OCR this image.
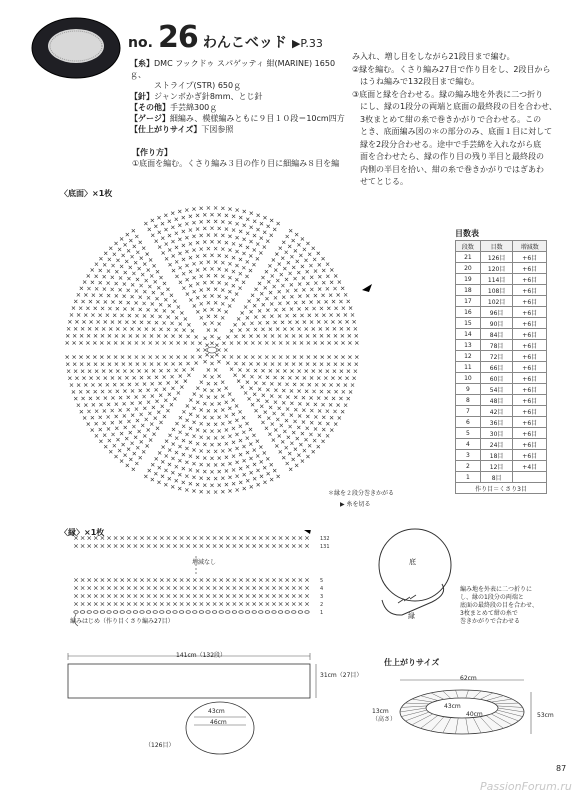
no. 26 わんこベッド ▶P.33
【糸】DMC フックドゥ スパゲッティ 紺(MARINE) 1650ｇ、
ストライプ(STR) 650ｇ
【針】ジャンボかぎ針8mm、とじ針
【その他】手芸綿300ｇ
【ゲージ】細編み、模様編みともに９目１０段＝10cm四方
【仕上がりサイズ】下図参照
【作り方】
①底面を編む。くさり編み３目の作り目に細編み８目を編
み入れ、増し目をしながら21段目まで編む。
②縁を編む。くさり編み27目で作り目をし、2段目から
はうね編みで132段目まで編む。
③底面と縁を合わせる。縁の編み地を外表に二つ折り
にし、縁の1段分の両端と底面の最終段の目を合わせ、
3枚まとめて紺の糸で巻きかがりで合わせる。この
とき、底面編み図の＊の部分のみ、底面１目に対して
縁を2段分合わせる。途中で手芸綿を入れながら底
面を合わせたら、縁の作り目の残り半目と最終段の
内側の半目を拾い、紺の糸で巻きかがりではぎあわ
せてとじる。
〈底面〉×1枚
＊縁を２段分巻きかがる
▶ 糸を切る
目数表
段数	目数	増減数
21	126目	+6目
20	120目	+6目
19	114目	+6目
18	108目	+6目
17	102目	+6目
16	96目	+6目
15	90目	+6目
14	84目	+6目
13	78目	+6目
12	72目	+6目
11	66目	+6目
10	60目	+6目
9	54目	+6目
8	48目	+6目
7	42目	+6目
6	36目	+6目
5	30目	+6目
4	24目	+6目
3	18目	+6目
2	12目	+4目
1	8目	
作り目＝くさり3目		
〈縁〉×1枚
132
131
5
4
3
2
1
増減なし
編みはじめ（作り目くさり編み27目）
底
縁
編み地を外表に二つ折りに
し、縁の1段分の両端と
底面の最終段の目を合わせ、
3枚まとめて紺の糸で
巻きかがりで合わせる
141cm（132段）
31cm（27目）
43cm
46cm
（126目）
仕上がりサイズ
62cm
43cm
40cm
13cm
（高さ）
53cm
87
PassionForum.ru
